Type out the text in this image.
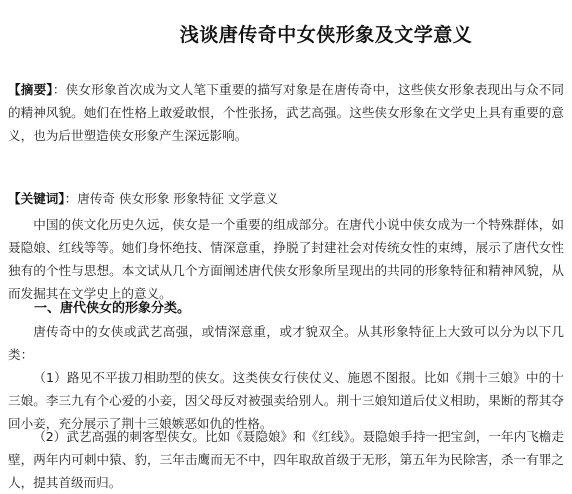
浅谈唐传奇中女侠形象及文学意义

【摘要】：侠女形象首次成为文人笔下重要的描写对象是在唐传奇中，这些侠女形象表现出与众不同的精神风貌。她们在性格上敢爱敢恨，个性张扬，武艺高强。这些侠女形象在文学史上具有重要的意义，也为后世塑造侠女形象产生深远影响。

【关键词】：唐传奇 侠女形象 形象特征 文学意义

中国的侠文化历史久远，侠女是一个重要的组成部分。在唐代小说中侠女成为一个特殊群体，如聂隐娘、红线等等。她们身怀绝技、情深意重，挣脱了封建社会对传统女性的束缚，展示了唐代女性独有的个性与思想。本文试从几个方面阐述唐代侠女形象所呈现出的共同的形象特征和精神风貌，从而发掘其在文学史上的意义。

一、唐代侠女的形象分类。

唐传奇中的女侠或武艺高强，或情深意重，或才貌双全。从其形象特征上大致可以分为以下几类：

（1）路见不平拔刀相助型的侠女。这类侠女行侠仗义、施恩不图报。比如《荆十三娘》中的十三娘。李三九有个心爱的小妾，因父母反对被强卖给别人。荆十三娘知道后仗义相助，果断的帮其夺回小妾，充分展示了荆十三娘嫉恶如仇的性格。

（2）武艺高强的刺客型侠女。比如《聂隐娘》和《红线》。聂隐娘手持一把宝剑，一年内飞檐走壁，两年内可刺中猿、豹，三年击鹰而无不中，四年取敌首级于无形，第五年为民除害，杀一有罪之人，提其首级而归。
